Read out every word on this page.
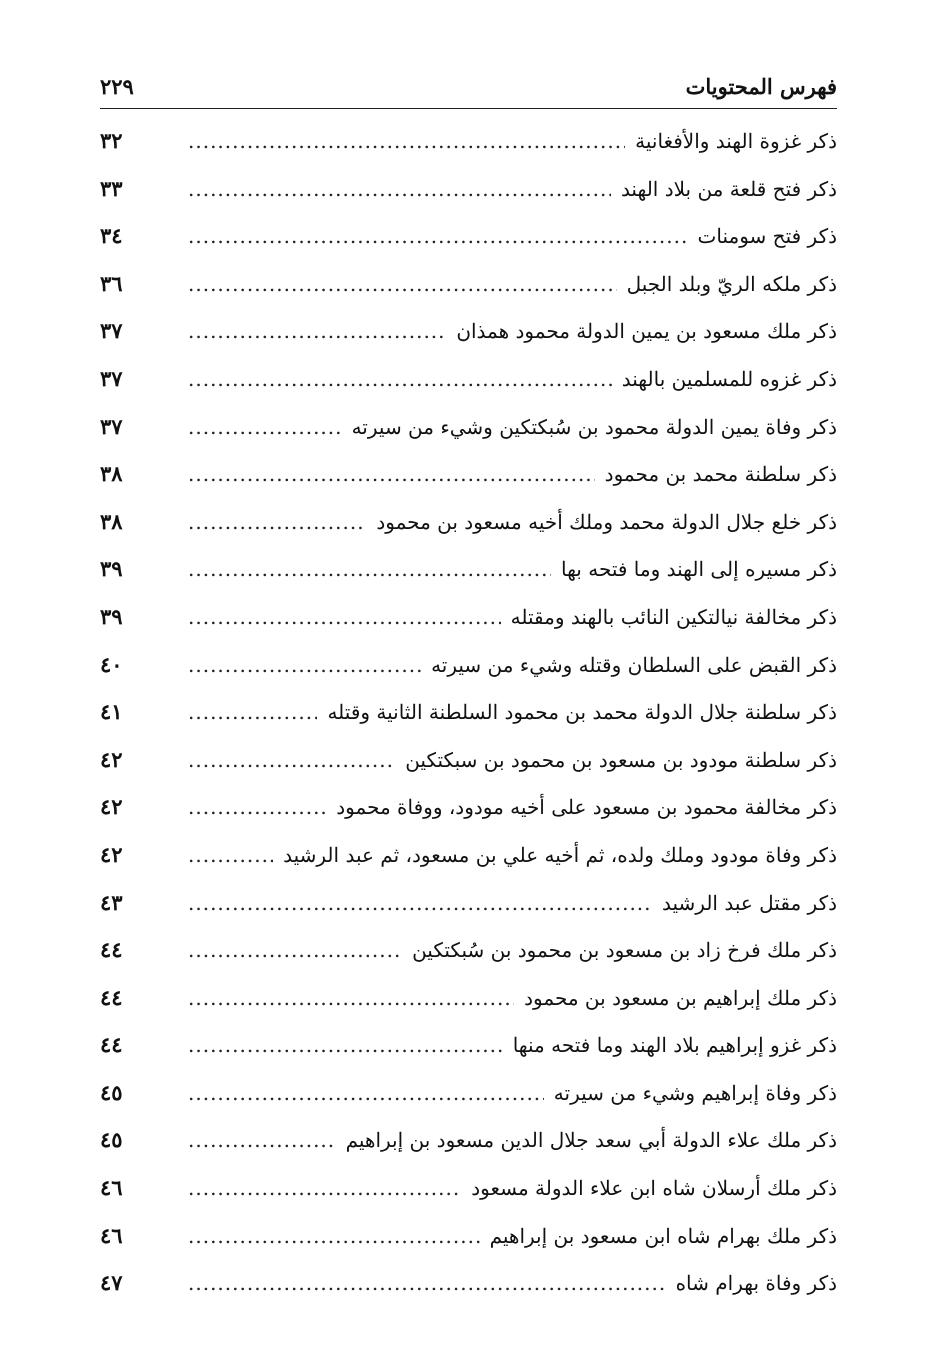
فهرس المحتويات
٢٢٩
ذكر غزوة الهند والأفغانية
.....
٣٢
ذكر فتح قلعة من بلاد الهند
.....
٣٣
ذكر فتح سومنات
.....
٣٤
ذكر ملكه الريّ وبلد الجبل
.....
٣٦
ذكر ملك مسعود بن يمين الدولة محمود همذان
.....
٣٧
ذكر غزوه للمسلمين بالهند
.....
٣٧
ذكر وفاة يمين الدولة محمود بن سُبكتكين وشيء من سيرته
.....
٣٧
ذكر سلطنة محمد بن محمود
.....
٣٨
ذكر خلع جلال الدولة محمد وملك أخيه مسعود بن محمود
.....
٣٨
ذكر مسيره إلى الهند وما فتحه بها
.....
٣٩
ذكر مخالفة نيالتكين النائب بالهند ومقتله
.....
٣٩
ذكر القبض على السلطان وقتله وشيء من سيرته
.....
٤٠
ذكر سلطنة جلال الدولة محمد بن محمود السلطنة الثانية وقتله
.....
٤١
ذكر سلطنة مودود بن مسعود بن محمود بن سبكتكين
.....
٤٢
ذكر مخالفة محمود بن مسعود على أخيه مودود، ووفاة محمود
.....
٤٢
ذكر وفاة مودود وملك ولده، ثم أخيه علي بن مسعود، ثم عبد الرشيد
.....
٤٢
ذكر مقتل عبد الرشيد
.....
٤٣
ذكر ملك فرخ زاد بن مسعود بن محمود بن سُبكتكين
.....
٤٤
ذكر ملك إبراهيم بن مسعود بن محمود
.....
٤٤
ذكر غزو إبراهيم بلاد الهند وما فتحه منها
.....
٤٤
ذكر وفاة إبراهيم وشيء من سيرته
.....
٤٥
ذكر ملك علاء الدولة أبي سعد جلال الدين مسعود بن إبراهيم
.....
٤٥
ذكر ملك أرسلان شاه ابن علاء الدولة مسعود
.....
٤٦
ذكر ملك بهرام شاه ابن مسعود بن إبراهيم
.....
٤٦
ذكر وفاة بهرام شاه
.....
٤٧
